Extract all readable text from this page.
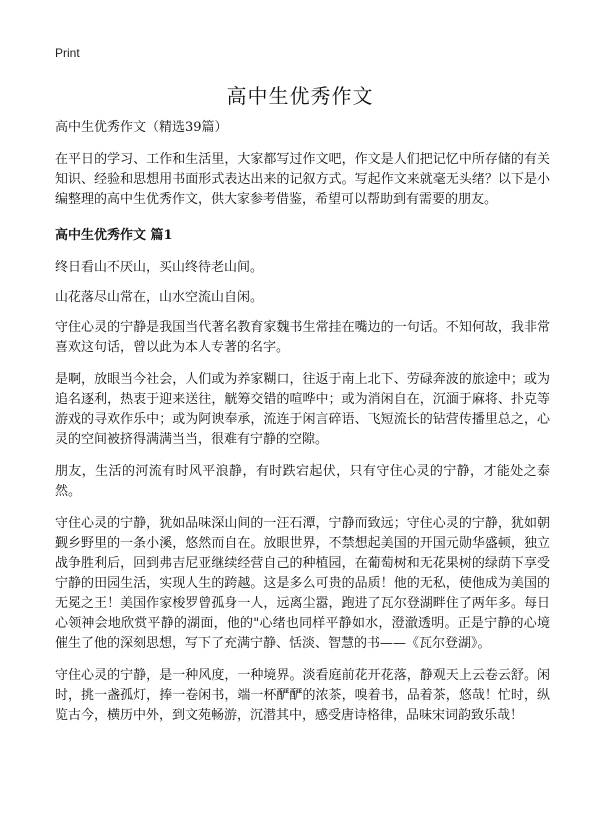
Print
高中生优秀作文

高中生优秀作文（精选39篇）

在平日的学习、工作和生活里，大家都写过作文吧，作文是人们把记忆中所存储的有关知识、经验和思想用书面形式表达出来的记叙方式。写起作文来就毫无头绪？以下是小编整理的高中生优秀作文，供大家参考借鉴，希望可以帮助到有需要的朋友。

高中生优秀作文 篇1

终日看山不厌山，买山终待老山间。

山花落尽山常在，山水空流山自闲。

守住心灵的宁静是我国当代著名教育家魏书生常挂在嘴边的一句话。不知何故，我非常喜欢这句话，曾以此为本人专著的名字。

是啊，放眼当今社会，人们或为养家糊口，往返于南上北下、劳碌奔波的旅途中；或为追名逐利，热衷于迎来送往，觥筹交错的喧哗中；或为消闲自在，沉湎于麻将、扑克等游戏的寻欢作乐中；或为阿谀奉承，流连于闲言碎语、飞短流长的钻营传播里总之，心灵的空间被挤得满满当当，很难有宁静的空隙。

朋友，生活的河流有时风平浪静，有时跌宕起伏，只有守住心灵的宁静，才能处之泰然。

守住心灵的宁静，犹如品味深山间的一汪石潭，宁静而致远；守住心灵的宁静，犹如朝觐乡野里的一条小溪，悠然而自在。放眼世界，不禁想起美国的开国元勋华盛顿，独立战争胜利后，回到弗吉尼亚继续经营自己的种植园，在葡萄树和无花果树的绿荫下享受宁静的田园生活，实现人生的跨越。这是多么可贵的品质！他的无私，使他成为美国的无冕之王！美国作家梭罗曾孤身一人，远离尘嚣，跑进了瓦尔登湖畔住了两年多。每日心领神会地欣赏平静的湖面，他的"心绪也同样平静如水，澄澈透明。正是宁静的心境催生了他的深刻思想，写下了充满宁静、恬淡、智慧的书——《瓦尔登湖》。

守住心灵的宁静，是一种风度，一种境界。淡看庭前花开花落，静观天上云卷云舒。闲时，挑一盏孤灯，捧一卷闲书，端一杯酽酽的浓茶，嗅着书，品着茶，悠哉！忙时，纵览古今，横历中外，到文苑畅游，沉潜其中，感受唐诗格律，品味宋词韵致乐哉！
